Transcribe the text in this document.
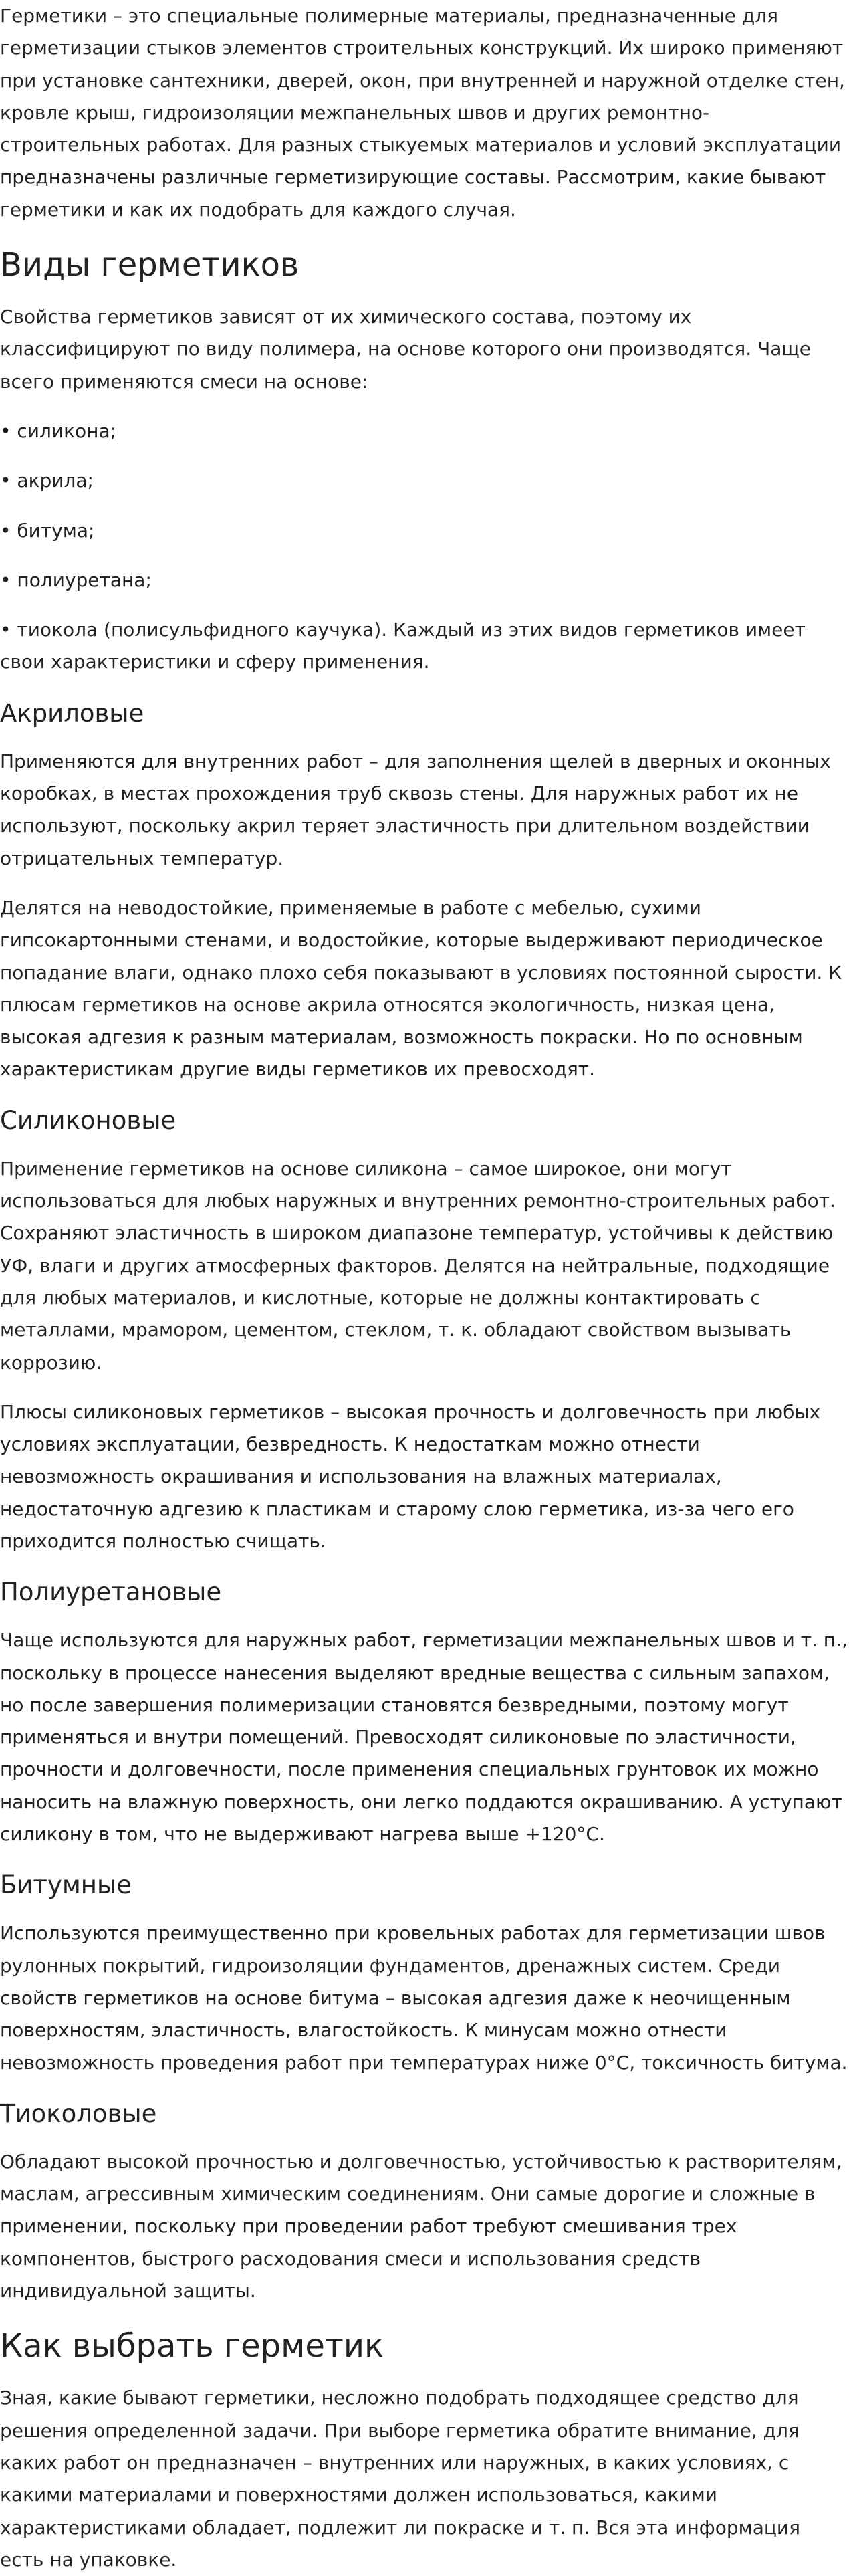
Герметики – это специальные полимерные материалы, предназначенные для герметизации стыков элементов строительных конструкций. Их широко применяют при установке сантехники, дверей, окон, при внутренней и наружной отделке стен, кровле крыш, гидроизоляции межпанельных швов и других ремонтно-строительных работах. Для разных стыкуемых материалов и условий эксплуатации предназначены различные герметизирующие составы. Рассмотрим, какие бывают герметики и как их подобрать для каждого случая.

Виды герметиков

Свойства герметиков зависят от их химического состава, поэтому их классифицируют по виду полимера, на основе которого они производятся. Чаще всего применяются смеси на основе:

• силикона;

• акрила;

• битума;

• полиуретана;

• тиокола (полисульфидного каучука). Каждый из этих видов герметиков имеет свои характеристики и сферу применения.

Акриловые

Применяются для внутренних работ – для заполнения щелей в дверных и оконных коробках, в местах прохождения труб сквозь стены. Для наружных работ их не используют, поскольку акрил теряет эластичность при длительном воздействии отрицательных температур.

Делятся на неводостойкие, применяемые в работе с мебелью, сухими гипсокартонными стенами, и водостойкие, которые выдерживают периодическое попадание влаги, однако плохо себя показывают в условиях постоянной сырости. К плюсам герметиков на основе акрила относятся экологичность, низкая цена, высокая адгезия к разным материалам, возможность покраски. Но по основным характеристикам другие виды герметиков их превосходят.

Силиконовые

Применение герметиков на основе силикона – самое широкое, они могут использоваться для любых наружных и внутренних ремонтно-строительных работ. Сохраняют эластичность в широком диапазоне температур, устойчивы к действию УФ, влаги и других атмосферных факторов. Делятся на нейтральные, подходящие для любых материалов, и кислотные, которые не должны контактировать с металлами, мрамором, цементом, стеклом, т. к. обладают свойством вызывать коррозию.

Плюсы силиконовых герметиков – высокая прочность и долговечность при любых условиях эксплуатации, безвредность. К недостаткам можно отнести невозможность окрашивания и использования на влажных материалах, недостаточную адгезию к пластикам и старому слою герметика, из-за чего его приходится полностью счищать.

Полиуретановые

Чаще используются для наружных работ, герметизации межпанельных швов и т. п., поскольку в процессе нанесения выделяют вредные вещества с сильным запахом, но после завершения полимеризации становятся безвредными, поэтому могут применяться и внутри помещений. Превосходят силиконовые по эластичности, прочности и долговечности, после применения специальных грунтовок их можно наносить на влажную поверхность, они легко поддаются окрашиванию. А уступают силикону в том, что не выдерживают нагрева выше +120°C.

Битумные

Используются преимущественно при кровельных работах для герметизации швов рулонных покрытий, гидроизоляции фундаментов, дренажных систем. Среди свойств герметиков на основе битума – высокая адгезия даже к неочищенным поверхностям, эластичность, влагостойкость. К минусам можно отнести невозможность проведения работ при температурах ниже 0°C, токсичность битума.

Тиоколовые

Обладают высокой прочностью и долговечностью, устойчивостью к растворителям, маслам, агрессивным химическим соединениям. Они самые дорогие и сложные в применении, поскольку при проведении работ требуют смешивания трех компонентов, быстрого расходования смеси и использования средств индивидуальной защиты.

Как выбрать герметик

Зная, какие бывают герметики, несложно подобрать подходящее средство для решения определенной задачи. При выборе герметика обратите внимание, для каких работ он предназначен – внутренних или наружных, в каких условиях, с какими материалами и поверхностями должен использоваться, какими характеристиками обладает, подлежит ли покраске и т. п. Вся эта информация есть на упаковке.
